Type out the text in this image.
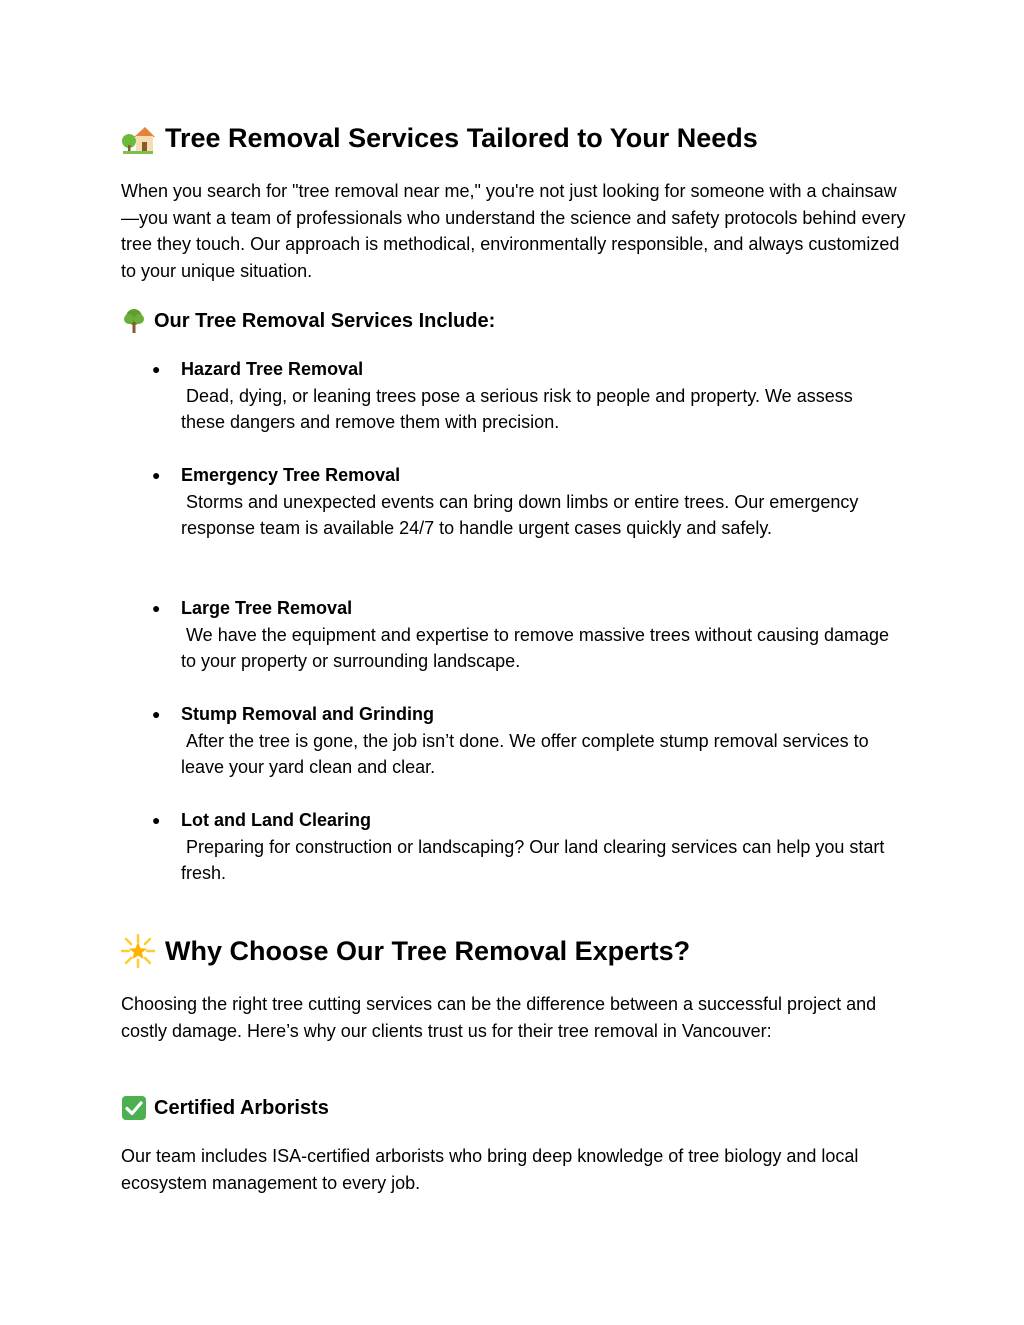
Tree Removal Services Tailored to Your Needs

When you search for "tree removal near me," you're not just looking for someone with a chainsaw—you want a team of professionals who understand the science and safety protocols behind every tree they touch. Our approach is methodical, environmentally responsible, and always customized to your unique situation.

Our Tree Removal Services Include:
● Hazard Tree Removal
Dead, dying, or leaning trees pose a serious risk to people and property. We assess these dangers and remove them with precision.
● Emergency Tree Removal
Storms and unexpected events can bring down limbs or entire trees. Our emergency response team is available 24/7 to handle urgent cases quickly and safely.
● Large Tree Removal
We have the equipment and expertise to remove massive trees without causing damage to your property or surrounding landscape.
● Stump Removal and Grinding
After the tree is gone, the job isn’t done. We offer complete stump removal services to leave your yard clean and clear.
● Lot and Land Clearing
Preparing for construction or landscaping? Our land clearing services can help you start fresh.
Why Choose Our Tree Removal Experts?

Choosing the right tree cutting services can be the difference between a successful project and costly damage. Here’s why our clients trust us for their tree removal in Vancouver:

Certified Arborists

Our team includes ISA-certified arborists who bring deep knowledge of tree biology and local ecosystem management to every job.
